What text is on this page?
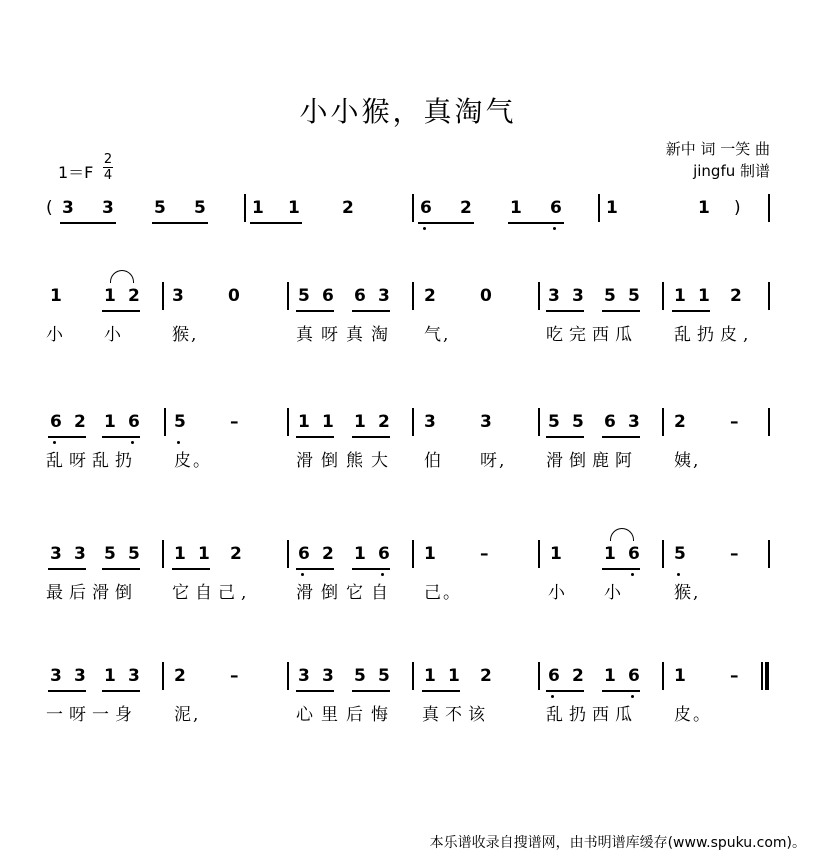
小小猴，真淘气
新中 词 一笑 曲
jingfu 制谱
1＝F
2
4
( 3 3 5 5	1 1 2	6 2 1 6	1	1 )
1 1 2 3	0	5 6 6 3 2	0	3 3 5 5 1 1 2
小 小	猴,	真呀真淘 气,	吃完西瓜 乱扔皮,
6 2 1 6 5	–	1 1 1 2 3	3	5 5 6 3 2	–
乱呀乱扔 皮。	滑倒熊大 伯 呀, 滑倒鹿阿 姨,
3 3 5 5 1 1 2	6 2 1 6 1	–	1 1 6 5	–
最后滑倒 它自己,	滑倒它自 己。	小 小	猴,
3 3 1 3 2	–	3 3 5 5 1 1 2	6 2 1 6 1	–
一呀一身 泥,	心里后悔 真不该	乱扔西瓜 皮。
本乐谱收录自搜谱网，由书明谱库缓存(www.spuku.com)。
